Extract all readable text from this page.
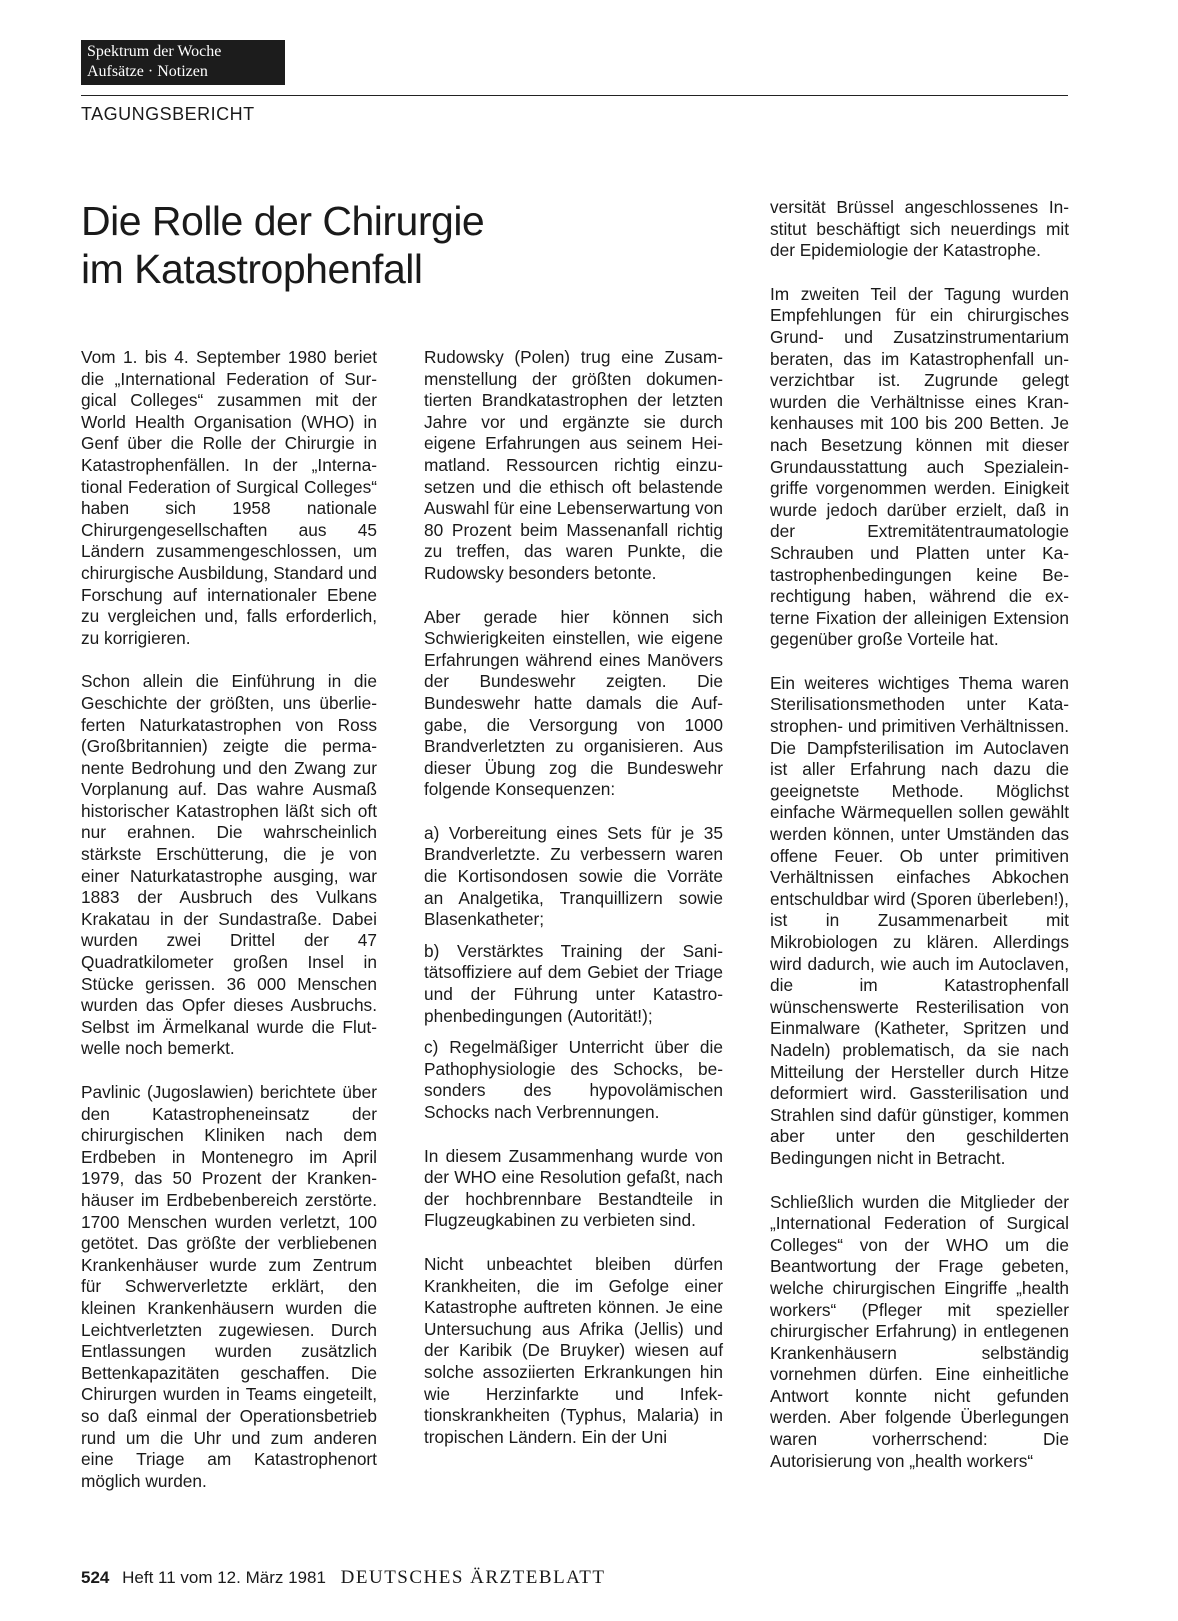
Spektrum der Woche
Aufsätze · Notizen
TAGUNGSBERICHT
Die Rolle der Chirurgie
im Katastrophenfall

Vom 1. bis 4. September 1980 beriet die „International Federation of Surgical Colleges“ zusammen mit der World Health Organisation (WHO) in Genf über die Rolle der Chirurgie in Katastrophenfällen. In der „International Federation of Surgical Colleges“ haben sich 1958 nationale Chirurgengesellschaften aus 45 Ländern zusammengeschlossen, um chirurgische Ausbildung, Standard und Forschung auf internationaler Ebene zu vergleichen und, falls erforderlich, zu korrigieren.

Schon allein die Einführung in die Geschichte der größten, uns überlieferten Naturkatastrophen von Ross (Großbritannien) zeigte die permanente Bedrohung und den Zwang zur Vorplanung auf. Das wahre Ausmaß historischer Katastrophen läßt sich oft nur erahnen. Die wahrscheinlich stärkste Erschütterung, die je von einer Naturkatastrophe ausging, war 1883 der Ausbruch des Vulkans Krakatau in der Sundastraße. Dabei wurden zwei Drittel der 47 Quadratkilometer großen Insel in Stücke gerissen. 36 000 Menschen wurden das Opfer dieses Ausbruchs. Selbst im Ärmelkanal wurde die Flutwelle noch bemerkt.

Pavlinic (Jugoslawien) berichtete über den Katastropheneinsatz der chirurgischen Kliniken nach dem Erdbeben in Montenegro im April 1979, das 50 Prozent der Krankenhäuser im Erdbebenbereich zerstörte. 1700 Menschen wurden verletzt, 100 getötet. Das größte der verbliebenen Krankenhäuser wurde zum Zentrum für Schwerverletzte erklärt, den kleinen Krankenhäusern wurden die Leichtverletzten zugewiesen. Durch Entlassungen wurden zusätzlich Bettenkapazitäten geschaffen. Die Chirurgen wurden in Teams eingeteilt, so daß einmal der Operationsbetrieb rund um die Uhr und zum anderen eine Triage am Katastrophenort möglich wurden.

Rudowsky (Polen) trug eine Zusammenstellung der größten dokumentierten Brandkatastrophen der letzten Jahre vor und ergänzte sie durch eigene Erfahrungen aus seinem Heimatland. Ressourcen richtig einzusetzen und die ethisch oft belastende Auswahl für eine Lebenserwartung von 80 Prozent beim Massenanfall richtig zu treffen, das waren Punkte, die Rudowsky besonders betonte.

Aber gerade hier können sich Schwierigkeiten einstellen, wie eigene Erfahrungen während eines Manövers der Bundeswehr zeigten. Die Bundeswehr hatte damals die Aufgabe, die Versorgung von 1000 Brandverletzten zu organisieren. Aus dieser Übung zog die Bundeswehr folgende Konsequenzen:

a) Vorbereitung eines Sets für je 35 Brandverletzte. Zu verbessern waren die Kortisondosen sowie die Vorräte an Analgetika, Tranquillizern sowie Blasenkatheter;

b) Verstärktes Training der Sanitätsoffiziere auf dem Gebiet der Triage und der Führung unter Katastrophenbedingungen (Autorität!);

c) Regelmäßiger Unterricht über die Pathophysiologie des Schocks, besonders des hypovolämischen Schocks nach Verbrennungen.

In diesem Zusammenhang wurde von der WHO eine Resolution gefaßt, nach der hochbrennbare Bestandteile in Flugzeugkabinen zu verbieten sind.

Nicht unbeachtet bleiben dürfen Krankheiten, die im Gefolge einer Katastrophe auftreten können. Je eine Untersuchung aus Afrika (Jellis) und der Karibik (De Bruyker) wiesen auf solche assoziierten Erkrankungen hin wie Herzinfarkte und Infektionskrankheiten (Typhus, Malaria) in tropischen Ländern. Ein der Uni

versität Brüssel angeschlossenes Institut beschäftigt sich neuerdings mit der Epidemiologie der Katastrophe.

Im zweiten Teil der Tagung wurden Empfehlungen für ein chirurgisches Grund- und Zusatzinstrumentarium beraten, das im Katastrophenfall unverzichtbar ist. Zugrunde gelegt wurden die Verhältnisse eines Krankenhauses mit 100 bis 200 Betten. Je nach Besetzung können mit dieser Grundausstattung auch Spezialeingriffe vorgenommen werden. Einigkeit wurde jedoch darüber erzielt, daß in der Extremitätentraumatologie Schrauben und Platten unter Katastrophenbedingungen keine Berechtigung haben, während die externe Fixation der alleinigen Extension gegenüber große Vorteile hat.

Ein weiteres wichtiges Thema waren Sterilisationsmethoden unter Katastrophen- und primitiven Verhältnissen. Die Dampfsterilisation im Autoclaven ist aller Erfahrung nach dazu die geeignetste Methode. Möglichst einfache Wärmequellen sollen gewählt werden können, unter Umständen das offene Feuer. Ob unter primitiven Verhältnissen einfaches Abkochen entschuldbar wird (Sporen überleben!), ist in Zusammenarbeit mit Mikrobiologen zu klären. Allerdings wird dadurch, wie auch im Autoclaven, die im Katastrophenfall wünschenswerte Resterilisation von Einmalware (Katheter, Spritzen und Nadeln) problematisch, da sie nach Mitteilung der Hersteller durch Hitze deformiert wird. Gassterilisation und Strahlen sind dafür günstiger, kommen aber unter den geschilderten Bedingungen nicht in Betracht.

Schließlich wurden die Mitglieder der „International Federation of Surgical Colleges“ von der WHO um die Beantwortung der Frage gebeten, welche chirurgischen Eingriffe „health workers“ (Pfleger mit spezieller chirurgischer Erfahrung) in entlegenen Krankenhäusern selbständig vornehmen dürfen. Eine einheitliche Antwort konnte nicht gefunden werden. Aber folgende Überlegungen waren vorherrschend: Die Autorisierung von „health workers“

524 Heft 11 vom 12. März 1981 DEUTSCHES ÄRZTEBLATT
